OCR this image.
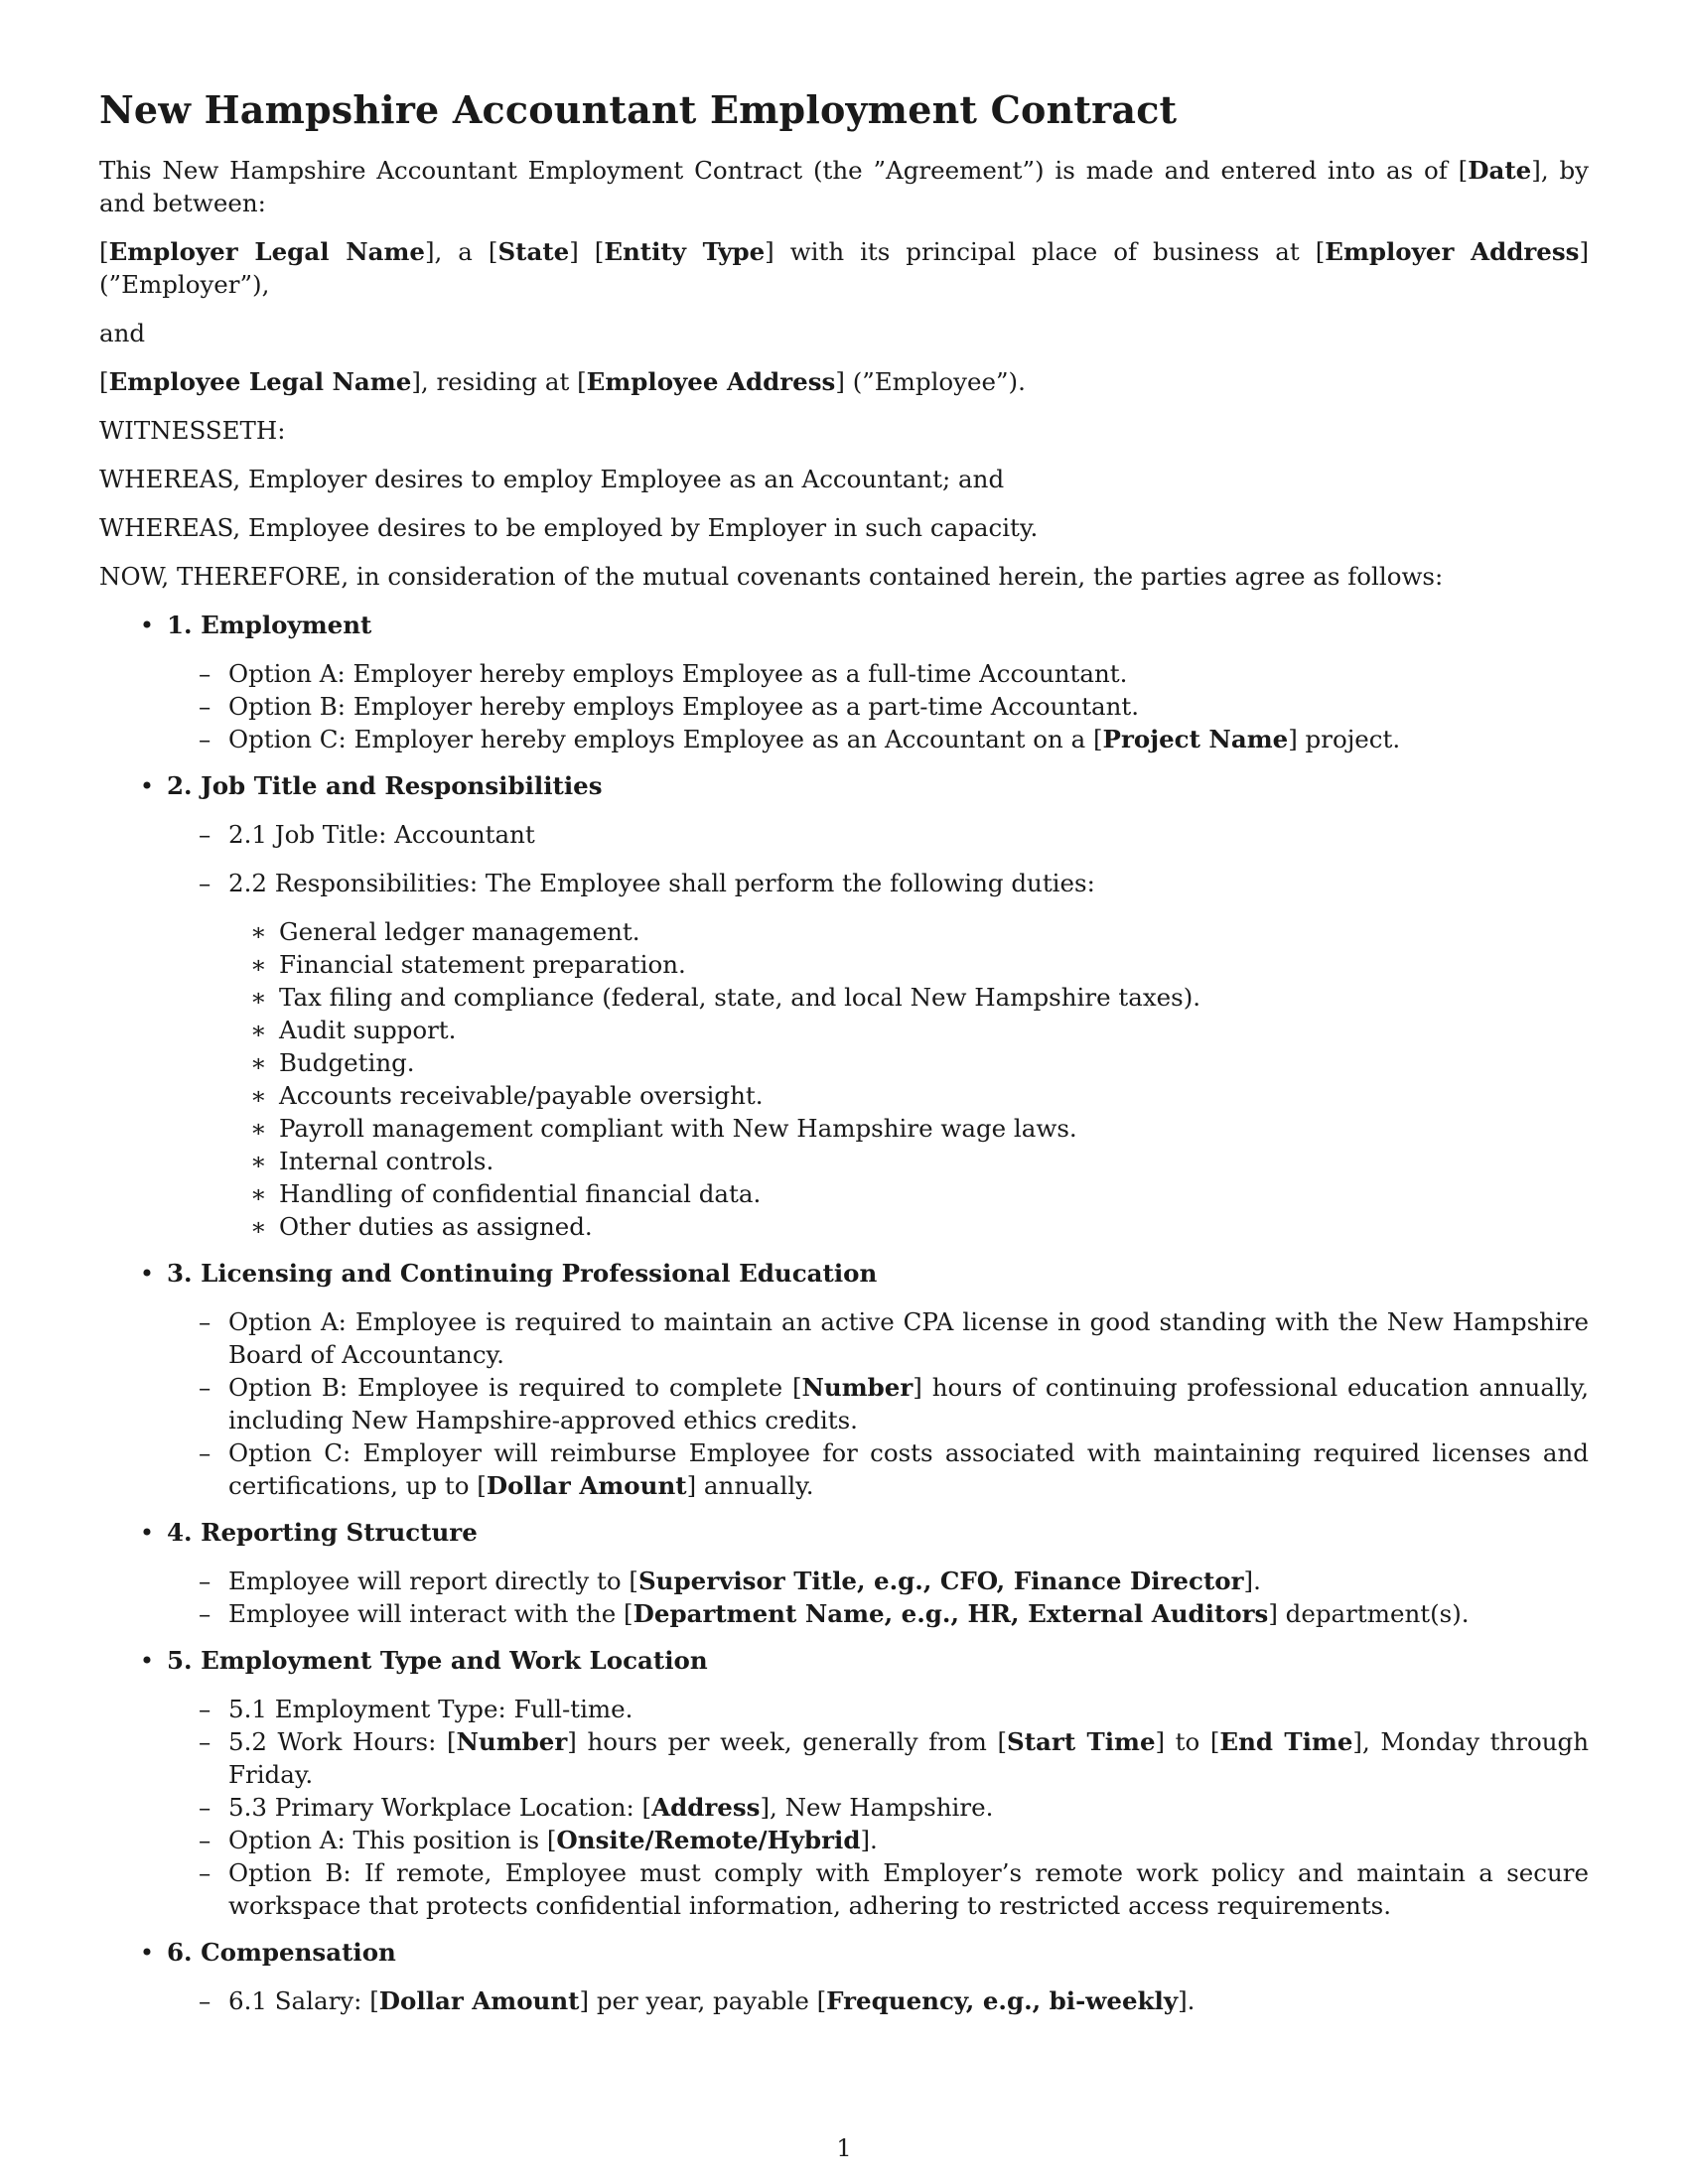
New Hampshire Accountant Employment Contract

This New Hampshire Accountant Employment Contract (the ”Agreement”) is made and entered into as of [Date], by and between:

[Employer Legal Name], a [State] [Entity Type] with its principal place of business at [Employer Address] (”Employer”),

and

[Employee Legal Name], residing at [Employee Address] (”Employee”).

WITNESSETH:

WHEREAS, Employer desires to employ Employee as an Accountant; and

WHEREAS, Employee desires to be employed by Employer in such capacity.

NOW, THEREFORE, in consideration of the mutual covenants contained herein, the parties agree as follows:

• 1. Employment
– Option A: Employer hereby employs Employee as a full-time Accountant.
– Option B: Employer hereby employs Employee as a part-time Accountant.
– Option C: Employer hereby employs Employee as an Accountant on a [Project Name] project.
• 2. Job Title and Responsibilities
– 2.1 Job Title: Accountant
– 2.2 Responsibilities: The Employee shall perform the following duties:
∗ General ledger management.
∗ Financial statement preparation.
∗ Tax filing and compliance (federal, state, and local New Hampshire taxes).
∗ Audit support.
∗ Budgeting.
∗ Accounts receivable/payable oversight.
∗ Payroll management compliant with New Hampshire wage laws.
∗ Internal controls.
∗ Handling of confidential financial data.
∗ Other duties as assigned.
• 3. Licensing and Continuing Professional Education
– Option A: Employee is required to maintain an active CPA license in good standing with the New Hampshire Board of Accountancy.
– Option B: Employee is required to complete [Number] hours of continuing professional education annually, including New Hampshire-approved ethics credits.
– Option C: Employer will reimburse Employee for costs associated with maintaining required licenses and certifications, up to [Dollar Amount] annually.
• 4. Reporting Structure
– Employee will report directly to [Supervisor Title, e.g., CFO, Finance Director].
– Employee will interact with the [Department Name, e.g., HR, External Auditors] department(s).
• 5. Employment Type and Work Location
– 5.1 Employment Type: Full-time.
– 5.2 Work Hours: [Number] hours per week, generally from [Start Time] to [End Time], Monday through Friday.
– 5.3 Primary Workplace Location: [Address], New Hampshire.
– Option A: This position is [Onsite/Remote/Hybrid].
– Option B: If remote, Employee must comply with Employer’s remote work policy and maintain a secure workspace that protects confidential information, adhering to restricted access requirements.
• 6. Compensation
– 6.1 Salary: [Dollar Amount] per year, payable [Frequency, e.g., bi-weekly].
1
